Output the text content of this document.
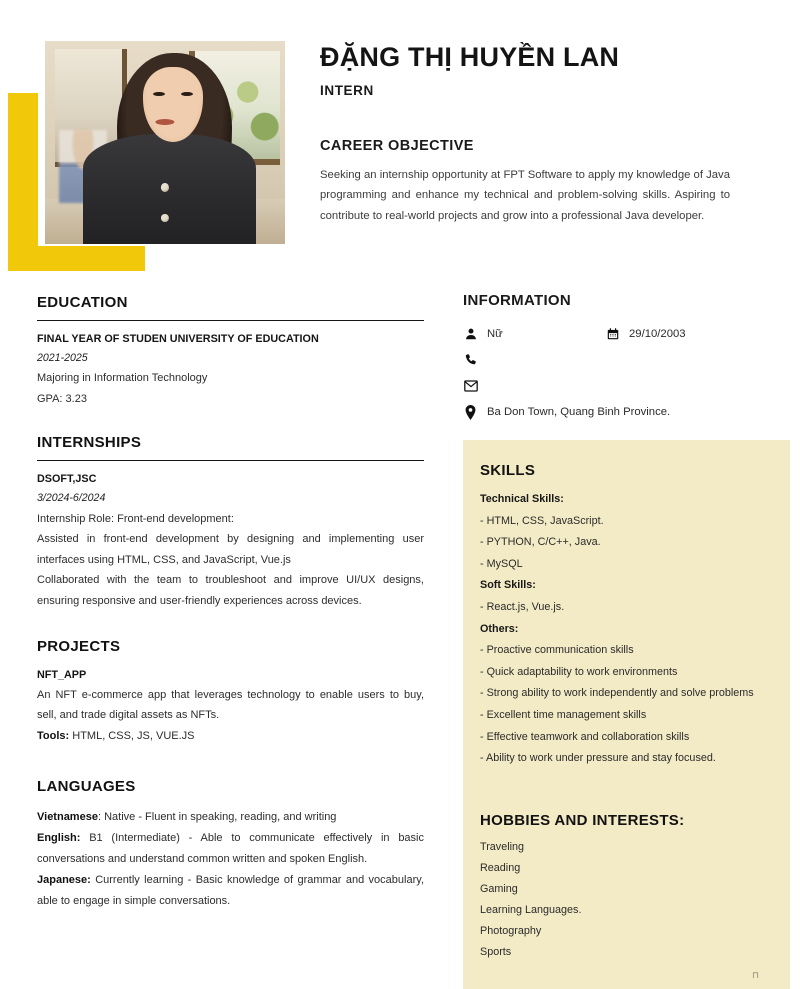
ĐẶNG THỊ HUYỀN LAN
INTERN
CAREER OBJECTIVE

Seeking an internship opportunity at FPT Software to apply my knowledge of Java programming and enhance my technical and problem-solving skills. Aspiring to contribute to real-world projects and grow into a professional Java developer.

EDUCATION
FINAL YEAR OF STUDEN UNIVERSITY OF EDUCATION
2021-2025
Majoring in Information Technology
GPA: 3.23
INTERNSHIPS
DSOFT,JSC
3/2024-6/2024
Internship Role: Front-end development:

Assisted in front-end development by designing and implementing user interfaces using HTML, CSS, and JavaScript, Vue.js

Collaborated with the team to troubleshoot and improve UI/UX designs, ensuring responsive and user-friendly experiences across devices.

PROJECTS
NFT_APP

An NFT e-commerce app that leverages technology to enable users to buy, sell, and trade digital assets as NFTs.

Tools: HTML, CSS, JS, VUE.JS

LANGUAGES

Vietnamese: Native - Fluent in speaking, reading, and writing

English: B1 (Intermediate) - Able to communicate effectively in basic conversations and understand common written and spoken English.

Japanese: Currently learning - Basic knowledge of grammar and vocabulary, able to engage in simple conversations.

INFORMATION
Nữ	29/10/2003
Ba Don Town, Quang Binh Province.
SKILLS
Technical Skills:
- HTML, CSS, JavaScript.
- PYTHON, C/C++, Java.
- MySQL
Soft Skills:
- React.js, Vue.js.
Others:
- Proactive communication skills
- Quick adaptability to work environments
- Strong ability to work independently and solve problems
- Excellent time management skills
- Effective teamwork and collaboration skills
- Ability to work under pressure and stay focused.
HOBBIES AND INTERESTS:
Traveling
Reading
Gaming
Learning Languages.
Photography
Sports
⊓
